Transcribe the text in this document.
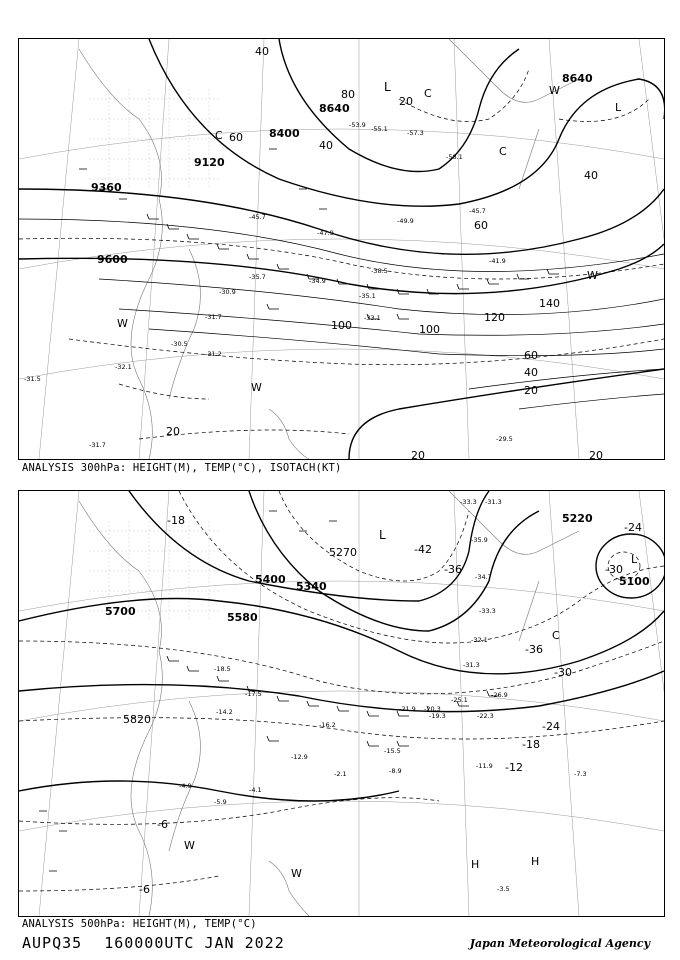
8640
8400
9120
9360
9600
8640
40
60
80
100
120
140
100
60
40
20
20
20	20
40
20
40
60
L	C
C
C
W
W
W
W
L
-55.1
-53.9
-57.3
-58.1
-49.9
-45.7
-41.9
-38.5
-35.1
-34.9
-33.1
-31.7
-31.2
-30.5
-32.1
-31.5
-30.9
-35.7
-29.5
-31.7
-47.9
-45.7
ANALYSIS 300hPa: HEIGHT(M), TEMP(°C), ISOTACH(KT)
5220
5100
5340
5400
5580
5700
5820
5270	-42
-36
-30
-24
-18
-12
-6
-30
-36
-24
-18
-6
L
L
C
W
H	H
W
-33.3 -31.3
-35.9
-34.7
-33.3
-32.1
-31.3
-26.9
-25.1
-22.3
-19.3
-15.5
-11.9
-8.9	-7.3
-4.1
-3.5
-2.1
-4.9
-5.9
-12.9
-14.2
-16.2
-17.5
-18.5
-21.9 -20.3
ANALYSIS 500hPa: HEIGHT(M), TEMP(°C)
AUPQ35 160000UTC JAN 2022	Japan Meteorological Agency
